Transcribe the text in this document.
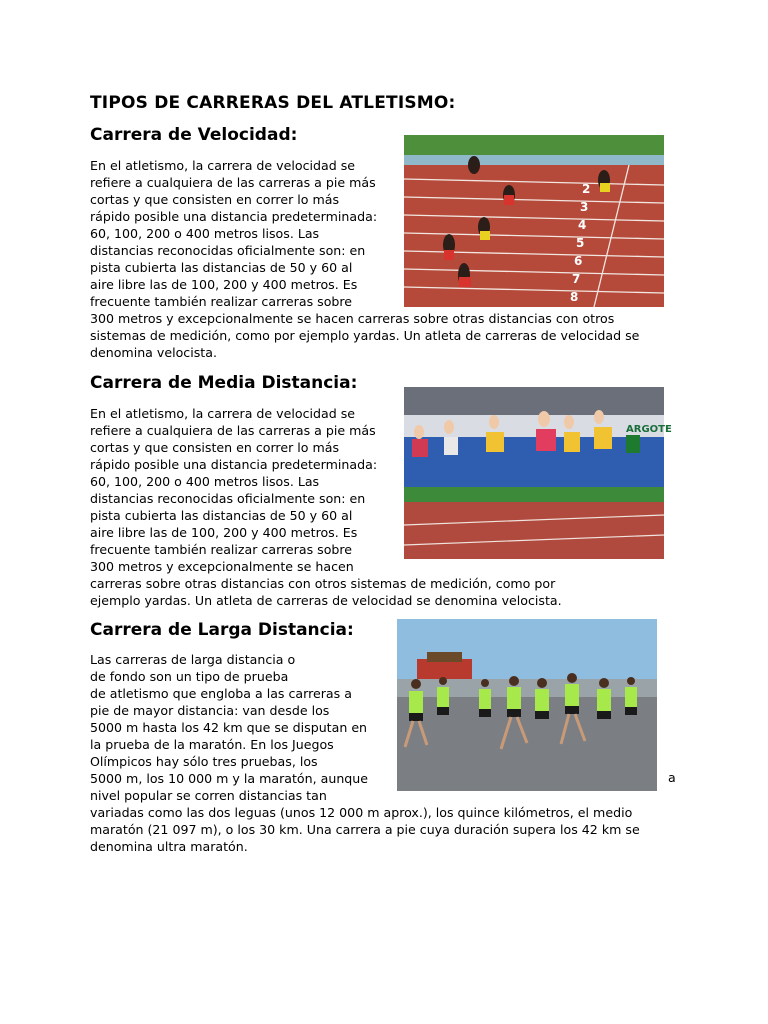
TIPOS DE CARRERAS DEL ATLETISMO:
Carrera de Velocidad:

En el atletismo, la carrera de velocidad se

refiere a cualquiera de las carreras a pie más

cortas y que consisten en correr lo más

rápido posible una distancia predeterminada:

60, 100, 200 o 400 metros lisos. Las

distancias reconocidas oficialmente son: en

pista cubierta las distancias de 50 y 60 al

aire libre las de 100, 200 y 400 metros. Es

frecuente también realizar carreras sobre

300 metros y excepcionalmente se hacen carreras sobre otras distancias con otros

sistemas de medición, como por ejemplo yardas. Un atleta de carreras de velocidad se

denomina velocista.

2
3
4
5
6
7
8
Carrera de Media Distancia:

En el atletismo, la carrera de velocidad se

refiere a cualquiera de las carreras a pie más

cortas y que consisten en correr lo más

rápido posible una distancia predeterminada:

60, 100, 200 o 400 metros lisos. Las

distancias reconocidas oficialmente son: en

pista cubierta las distancias de 50 y 60 al

aire libre las de 100, 200 y 400 metros. Es

frecuente también realizar carreras sobre

300 metros y excepcionalmente se hacen

carreras sobre otras distancias con otros sistemas de medición, como por

ejemplo yardas. Un atleta de carreras de velocidad se denomina velocista.

ARGOTE
Carrera de Larga Distancia:

Las carreras de larga distancia o

de fondo son un tipo de prueba

de atletismo que engloba a las carreras a

pie de mayor distancia: van desde los

5000 m hasta los 42 km que se disputan en

la prueba de la maratón. En los Juegos

Olímpicos hay sólo tres pruebas, los

5000 m, los 10 000 m y la maratón, aunque

nivel popular se corren distancias tan

variadas como las dos leguas (unos 12 000 m aprox.), los quince kilómetros, el medio

maratón (21 097 m), o los 30 km. Una carrera a pie cuya duración supera los 42 km se

denomina ultra maratón.

a
